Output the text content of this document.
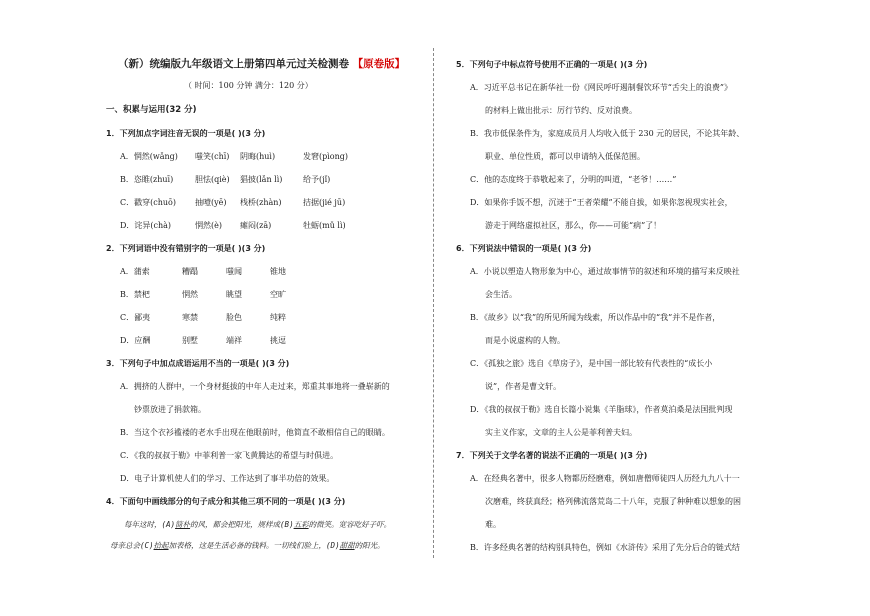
（新）统编版九年级语文上册第四单元过关检测卷 【原卷版】
（ 时间：100 分钟 满分：120 分）
一、积累与运用(32 分)
1．下列加点字词注音无误的一项是( )(3 分)
A．惘然(wǎng) 嗤笑(chī) 阴晦(huì)	发窘(pìong)
B．恣睢(zhuī)	胆怯(qiè) 猖披(lǎn lì)	给予(jǐ)
C．戳穿(chuō) 抽噎(yē) 栈桥(zhàn)	拮据(jié jū)
D．诧异(chà)	惘然(è) 瘫闷(zā)	牡蛎(mǔ lì)
2．下列词语中没有错别字的一项是( )(3 分)
A．蒲索	糟蹋	嗤闻	锥地
B．禁杷	惘然	眺望	空旷
C．鄙夷	寒禁	脸色	纯粹
D．应酬	别墅	端祥	挑逗
3．下列句子中加点成语运用不当的一项是( )(3 分)
A．拥挤的人群中，一个身材挺拔的中年人走过来，郑重其事地将一叠崭新的
钞票放进了捐款箱。
B．当这个衣衫褴褛的老水手出现在他眼前时，他简直不敢相信自己的眼睛。
C．《我的叔叔于勒》中菲利普一家飞黄腾达的希望与时俱进。
D．电子计算机使人们的学习、工作达到了事半功倍的效果。
4．下面句中画线部分的句子成分和其他三项不同的一项是( )(3 分)
每年这时，(A)简朴的风，都会把阳光，规样成(B)五彩的微笑。宽容吃好子吓。
母亲总会(C)拾起加表格，这是生活必备的钱料。一切线们脸上，(D)甜甜的阳光。
5．下列句子中标点符号使用不正确的一项是( )(3 分)
A．习近平总书记在新华社一份《网民呼吁遏制餐饮环节“舌尖上的浪费”》
的材料上做出批示：厉行节约、反对浪费。
B．我市低保条件为，家庭成员月人均收入低于 230 元的居民，不论其年龄、
职业、单位性质，都可以申请纳入低保范围。
C．他的态度终于恭敬起来了，分明的叫道，“老爷！……”
D．如果你手饭不想，沉迷于“王者荣耀”不能自拔，如果你忽视现实社会，
游走于网络虚拟社区，那么，你——可能“病”了！
6．下列说法中错误的一项是( )(3 分)
A．小说以塑造人物形象为中心，通过故事情节的叙述和环境的描写来反映社
会生活。
B．《故乡》以“我”的所见所闻为线索，所以作品中的“我”并不是作者，
而是小说虚构的人物。
C．《孤独之旅》选自《草房子》，是中国一部比较有代表性的“成长小
说”，作者是曹文轩。
D．《我的叔叔于勒》选自长篇小说集《羊脂球》，作者莫泊桑是法国批判现
实主义作家，文章的主人公是菲利普夫妇。
7．下列关于文学名著的说法不正确的一项是( )(3 分)
A．在经典名著中，很多人物都历经磨难，例如唐僧师徒四人历经九九八十一
次磨难，终获真经；格列佛流落荒岛二十八年，克服了种种难以想象的困
难。
B．许多经典名著的结构别具特色，例如《水浒传》采用了先分后合的链式结
